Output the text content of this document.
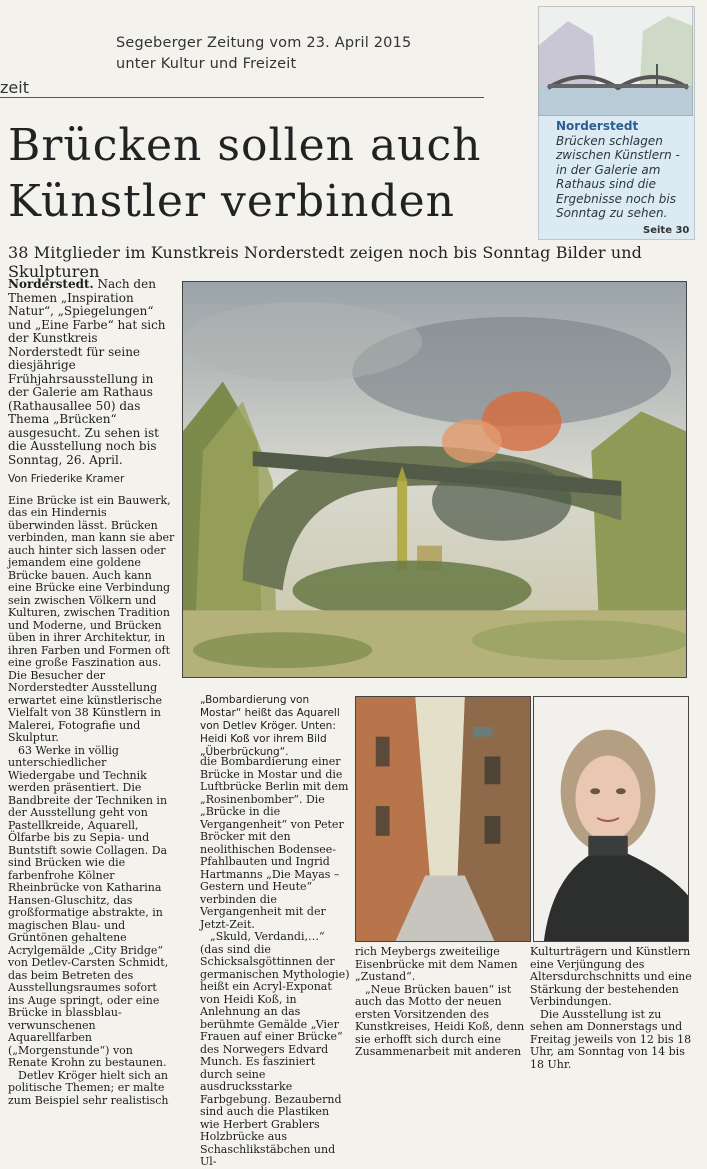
Segeberger Zeitung vom 23. April 2015
unter Kultur und Freizeit
zeit
Norderstedt
Brücken schlagen zwischen Künstlern - in der Galerie am Rathaus sind die Ergebnisse noch bis Sonntag zu sehen.
Seite 30
Brücken sollen auch
Künstler verbinden
38 Mitglieder im Kunstkreis Norderstedt zeigen noch bis Sonntag Bilder und Skulpturen

Norderstedt. Nach den Themen „Inspiration Natur“, „Spiegelungen“ und „Eine Farbe“ hat sich der Kunstkreis Norderstedt für seine diesjährige Frühjahrsausstellung in der Galerie am Rathaus (Rathausallee 50) das Thema „Brücken“ ausgesucht. Zu sehen ist die Ausstellung noch bis Sonntag, 26. April.

Von Friederike Kramer

Eine Brücke ist ein Bauwerk, das ein Hindernis überwinden lässt. Brücken verbinden, man kann sie aber auch hinter sich lassen oder jemandem eine goldene Brücke bauen. Auch kann eine Brücke eine Verbindung sein zwischen Völkern und Kulturen, zwischen Tradition und Moderne, und Brücken üben in ihrer Architektur, in ihren Farben und Formen oft eine große Faszination aus. Die Besucher der Norderstedter Ausstellung erwartet eine künstlerische Vielfalt von 38 Künstlern in Malerei, Fotografie und Skulptur.

63 Werke in völlig unterschiedlicher Wiedergabe und Technik werden präsentiert. Die Bandbreite der Techniken in der Ausstellung geht von Pastellkreide, Aquarell, Ölfarbe bis zu Sepia- und Buntstift sowie Collagen. Da sind Brücken wie die farbenfrohe Kölner Rheinbrücke von Katharina Hansen-Gluschitz, das großformatige abstrakte, in magischen Blau- und Grüntönen gehaltene Acrylgemälde „City Bridge“ von Detlev-Carsten Schmidt, das beim Betreten des Ausstellungsraumes sofort ins Auge springt, oder eine Brücke in blassblau-verwunschenen Aquarellfarben („Morgenstunde“) von Renate Krohn zu bestaunen.

Detlev Kröger hielt sich an politische Themen; er malte zum Beispiel sehr realistisch

„Bombardierung von Mostar“ heißt das Aquarell von Detlev Kröger. Unten: Heidi Koß vor ihrem Bild „Überbrückung“.

die Bombardierung einer Brücke in Mostar und die Luftbrücke Berlin mit dem „Rosinenbomber“. Die „Brücke in die Vergangenheit“ von Peter Bröcker mit den neolithischen Bodensee-Pfahlbauten und Ingrid Hartmanns „Die Mayas – Gestern und Heute“ verbinden die Vergangenheit mit der Jetzt-Zeit.

„Skuld, Verdandi,…“ (das sind die Schicksalsgöttinnen der germanischen Mythologie) heißt ein Acryl-Exponat von Heidi Koß, in Anlehnung an das berühmte Gemälde „Vier Frauen auf einer Brücke“ des Norwegers Edvard Munch. Es fasziniert durch seine ausdrucksstarke Farbgebung. Bezaubernd sind auch die Plastiken wie Herbert Grablers Holzbrücke aus Schaschlikstäbchen und Ul-

rich Meybergs zweiteilige Eisenbrücke mit dem Namen „Zustand“.

„Neue Brücken bauen“ ist auch das Motto der neuen ersten Vorsitzenden des Kunstkreises, Heidi Koß, denn sie erhofft sich durch eine Zusammenarbeit mit anderen

Kulturträgern und Künstlern eine Verjüngung des Altersdurchschnitts und eine Stärkung der bestehenden Verbindungen.

Die Ausstellung ist zu sehen am Donnerstags und Freitag jeweils von 12 bis 18 Uhr, am Sonntag von 14 bis 18 Uhr.
